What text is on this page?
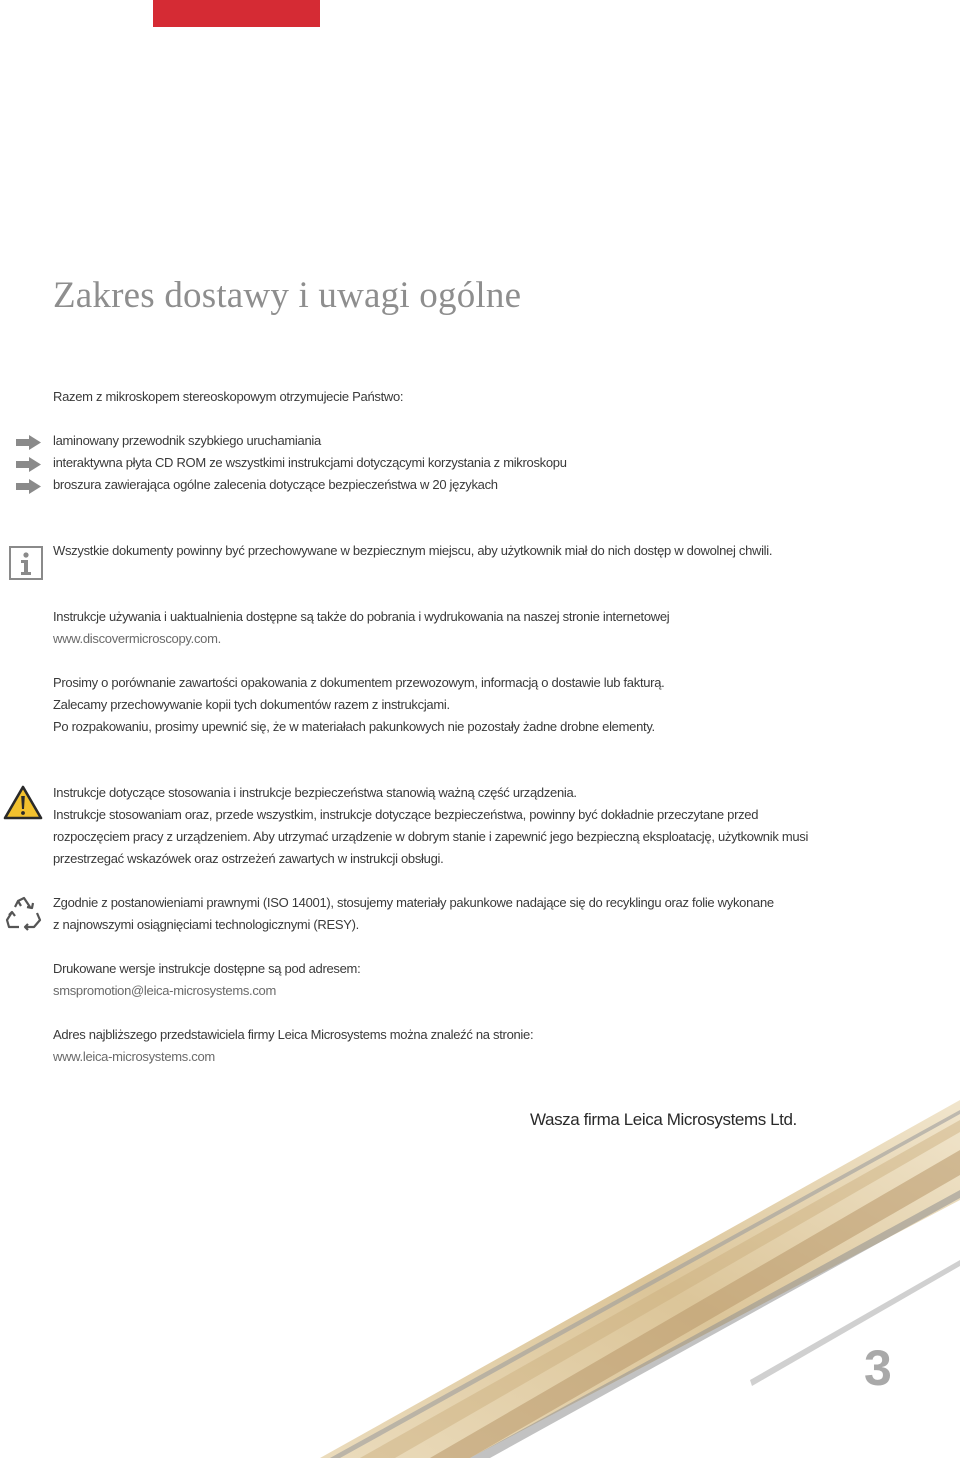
Zakres dostawy i uwagi ogólne

Razem z mikroskopem stereoskopowym otrzymujecie Państwo:

laminowany przewodnik szybkiego uruchamiania

interaktywna płyta CD ROM ze wszystkimi instrukcjami dotyczącymi korzystania z mikroskopu

broszura zawierająca ogólne zalecenia dotyczące bezpieczeństwa w 20 językach

Wszystkie dokumenty powinny być przechowywane w bezpiecznym miejscu, aby użytkownik miał do nich dostęp w dowolnej chwili.

Instrukcje używania i uaktualnienia dostępne są także do pobrania i wydrukowania na naszej stronie internetowej

www.discovermicroscopy.com.

Prosimy o porównanie zawartości opakowania z dokumentem przewozowym, informacją o dostawie lub fakturą.

Zalecamy przechowywanie kopii tych dokumentów razem z instrukcjami.

Po rozpakowaniu, prosimy upewnić się, że w materiałach pakunkowych nie pozostały żadne drobne elementy.

Instrukcje dotyczące stosowania i instrukcje bezpieczeństwa stanowią ważną część urządzenia.

Instrukcje stosowaniam oraz, przede wszystkim, instrukcje dotyczące bezpieczeństwa, powinny być dokładnie przeczytane przed

rozpoczęciem pracy z urządzeniem. Aby utrzymać urządzenie w dobrym stanie i zapewnić jego bezpieczną eksploatację, użytkownik musi

przestrzegać wskazówek oraz ostrzeżeń zawartych w instrukcji obsługi.

Zgodnie z postanowieniami prawnymi (ISO 14001), stosujemy materiały pakunkowe nadające się do recyklingu oraz folie wykonane

z najnowszymi osiągnięciami technologicznymi (RESY).

Drukowane wersje instrukcje dostępne są pod adresem:

smspromotion@leica-microsystems.com

Adres najbliższego przedstawiciela firmy Leica Microsystems można znaleźć na stronie:

www.leica-microsystems.com

Wasza firma Leica Microsystems Ltd.

3
